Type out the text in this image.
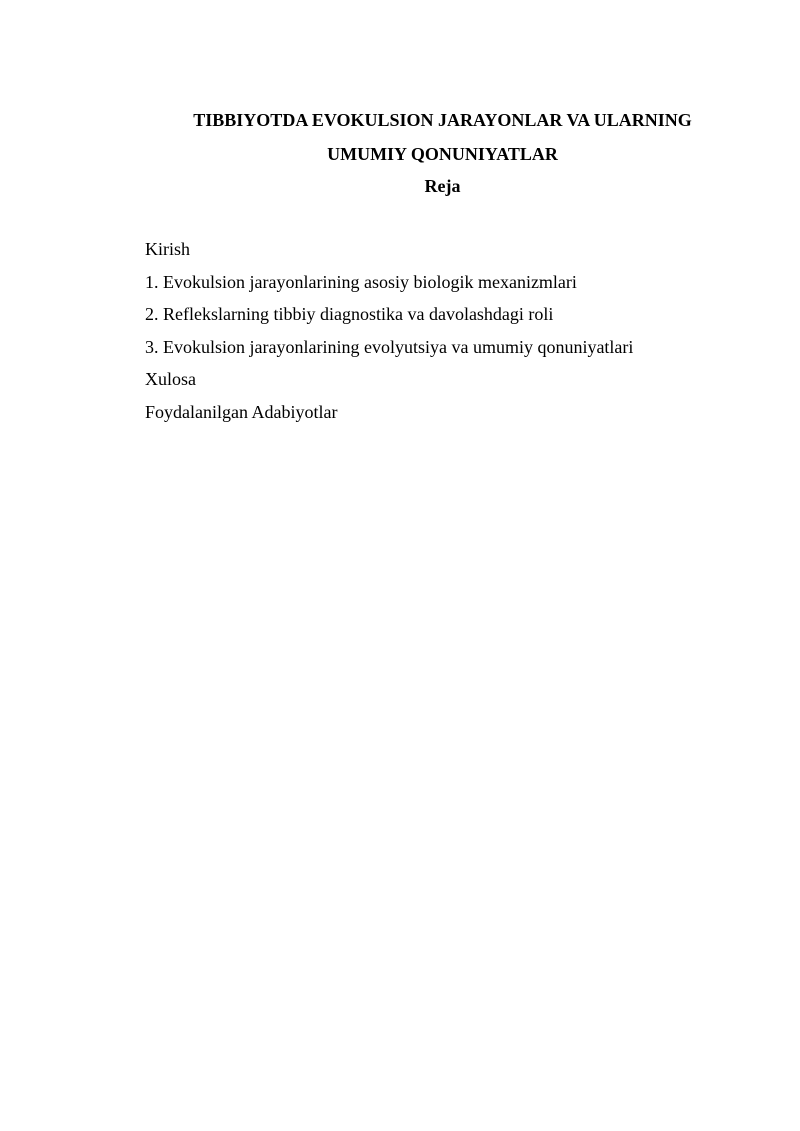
TIBBIYOTDA EVOKULSION JARAYONLAR VA ULARNING
UMUMIY QONUNIYATLAR
Reja
Kirish
1. Evokulsion jarayonlarining asosiy biologik mexanizmlari
2. Reflekslarning tibbiy diagnostika va davolashdagi roli
3. Evokulsion jarayonlarining evolyutsiya va umumiy qonuniyatlari
Xulosa
Foydalanilgan Adabiyotlar
